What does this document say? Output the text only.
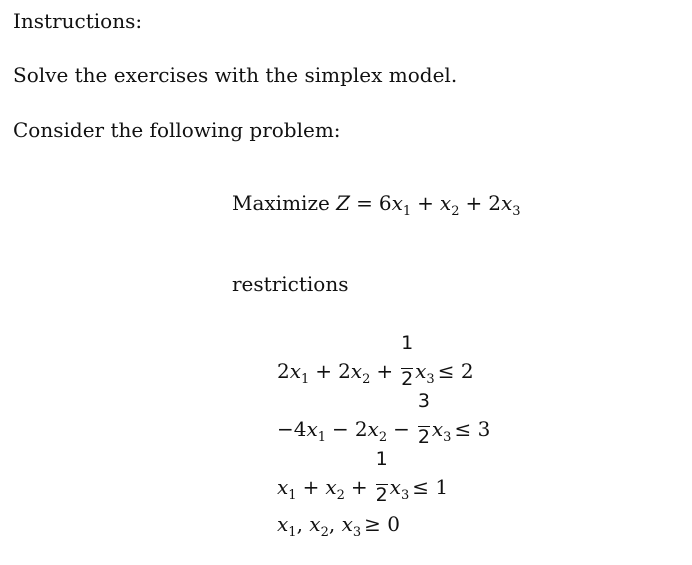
Instructions:
Solve the exercises with the simplex model.
Consider the following problem:
Maximize $Z = 6x_1 + x_2 + 2x_3$
restrictions
$2x_1 + 2x_2 + \frac{1}{2} x_3 \le 2$
$-4x_1 - 2x_2 - \frac{3}{2} x_3 \le 3$
$x_1 + x_2 + \frac{1}{2} x_3 \le 1$
$x_1$, $x_2$, $x_3 \ge 0$
